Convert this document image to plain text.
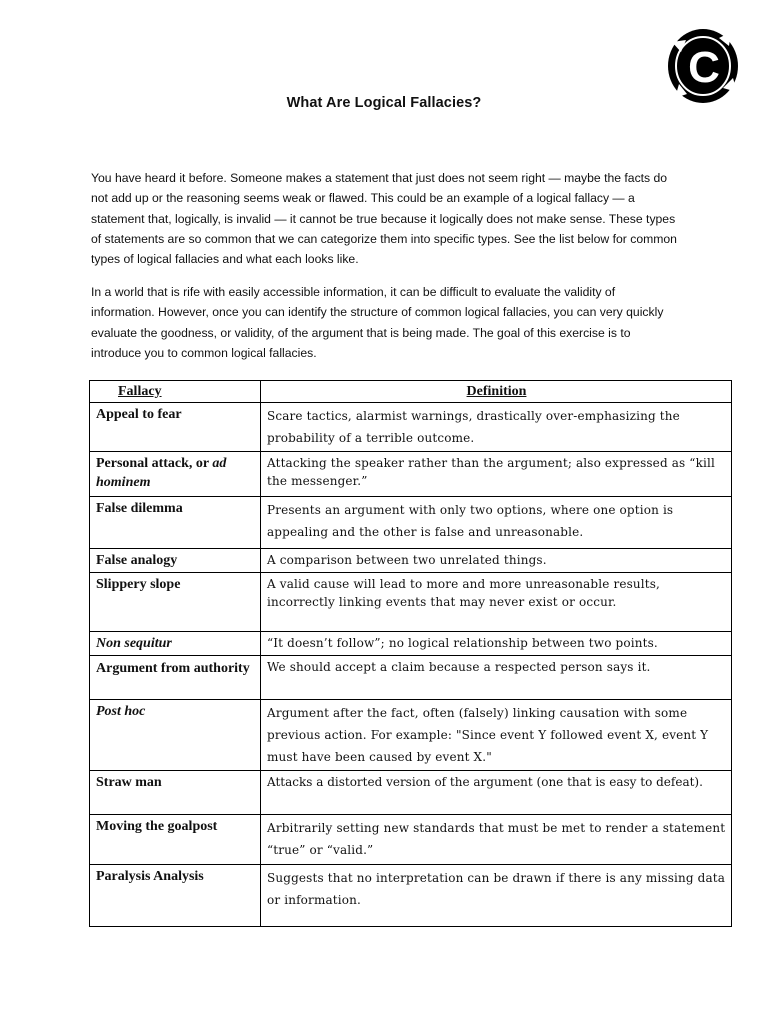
C
What Are Logical Fallacies?

You have heard it before. Someone makes a statement that just does not seem right — maybe the facts do not add up or the reasoning seems weak or flawed. This could be an example of a logical fallacy — a statement that, logically, is invalid — it cannot be true because it logically does not make sense. These types of statements are so common that we can categorize them into specific types. See the list below for common types of logical fallacies and what each looks like.

In a world that is rife with easily accessible information, it can be difficult to evaluate the validity of information. However, once you can identify the structure of common logical fallacies, you can very quickly evaluate the goodness, or validity, of the argument that is being made. The goal of this exercise is to introduce you to common logical fallacies.

Fallacy	Definition
Appeal to fear	Scare tactics, alarmist warnings, drastically over-emphasizing the probability of a terrible outcome.
Personal attack, or ad hominem	Attacking the speaker rather than the argument; also expressed as “kill the messenger.”
False dilemma	Presents an argument with only two options, where one option is appealing and the other is false and unreasonable.
False analogy	A comparison between two unrelated things.
Slippery slope	A valid cause will lead to more and more unreasonable results, incorrectly linking events that may never exist or occur.
Non sequitur	“It doesn’t follow”; no logical relationship between two points.
Argument from authority	We should accept a claim because a respected person says it.
Post hoc	Argument after the fact, often (falsely) linking causation with some previous action. For example: "Since event Y followed event X, event Y must have been caused by event X."
Straw man	Attacks a distorted version of the argument (one that is easy to defeat).
Moving the goalpost	Arbitrarily setting new standards that must be met to render a statement “true” or “valid.”
Paralysis Analysis	Suggests that no interpretation can be drawn if there is any missing data or information.
